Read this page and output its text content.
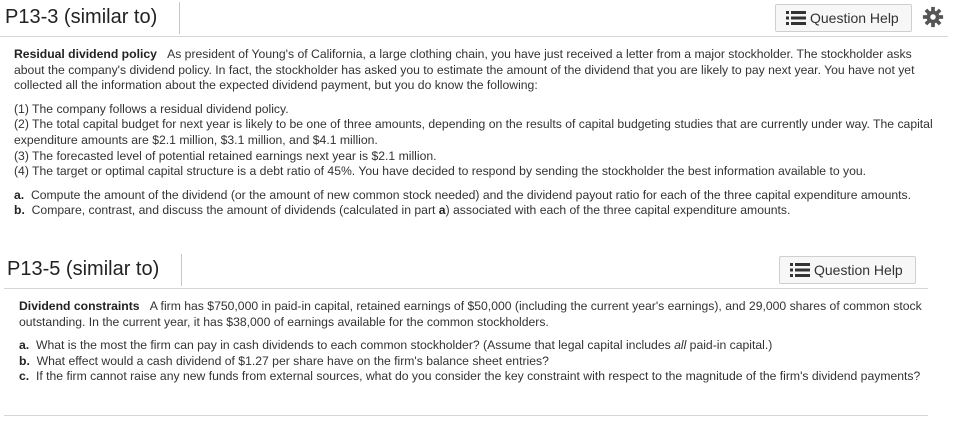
P13-3 (similar to)	Question Help

Residual dividend policy As president of Young's of California, a large clothing chain, you have just received a letter from a major stockholder. The stockholder asks about the company's dividend policy. In fact, the stockholder has asked you to estimate the amount of the dividend that you are likely to pay next year. You have not yet collected all the information about the expected dividend payment, but you do know the following:

(1) The company follows a residual dividend policy.

(2) The total capital budget for next year is likely to be one of three amounts, depending on the results of capital budgeting studies that are currently under way. The capital expenditure amounts are $2.1 million, $3.1 million, and $4.1 million.

(3) The forecasted level of potential retained earnings next year is $2.1 million.

(4) The target or optimal capital structure is a debt ratio of 45%. You have decided to respond by sending the stockholder the best information available to you.

a. Compute the amount of the dividend (or the amount of new common stock needed) and the dividend payout ratio for each of the three capital expenditure amounts.

b. Compare, contrast, and discuss the amount of dividends (calculated in part a) associated with each of the three capital expenditure amounts.

P13-5 (similar to)	Question Help

Dividend constraints A firm has $750,000 in paid-in capital, retained earnings of $50,000 (including the current year's earnings), and 29,000 shares of common stock outstanding. In the current year, it has $38,000 of earnings available for the common stockholders.

a. What is the most the firm can pay in cash dividends to each common stockholder? (Assume that legal capital includes all paid-in capital.)

b. What effect would a cash dividend of $1.27 per share have on the firm's balance sheet entries?

c. If the firm cannot raise any new funds from external sources, what do you consider the key constraint with respect to the magnitude of the firm's dividend payments?
